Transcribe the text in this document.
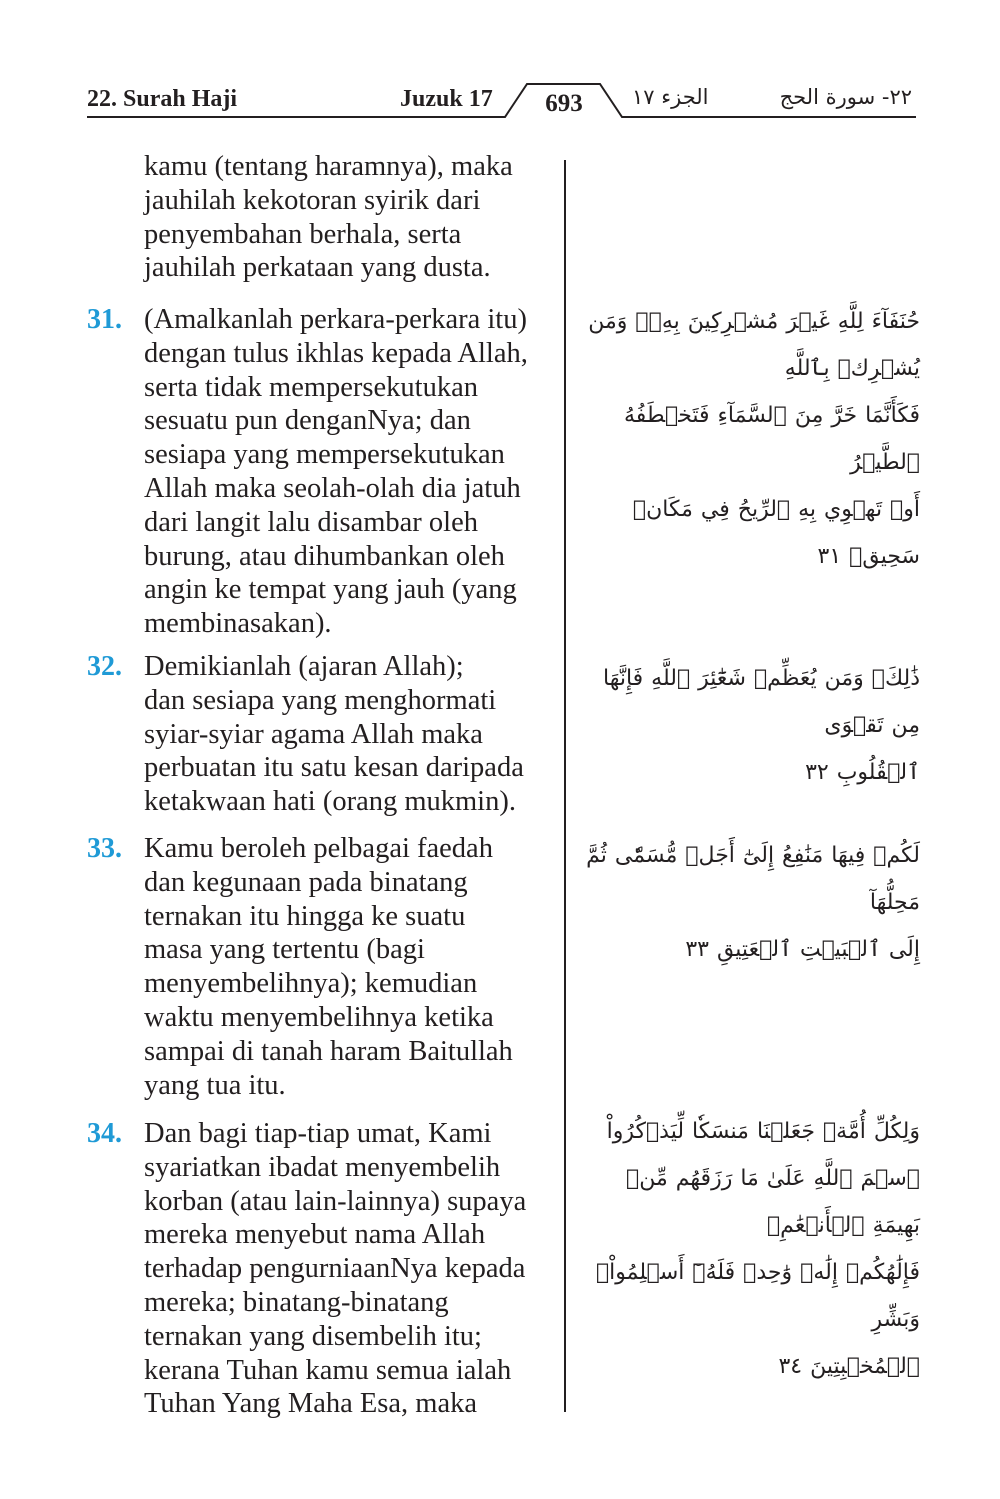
22. Surah Haji	Juzuk 17	693	الجزء ١٧	٢٢- سورة الحج
kamu (tentang haramnya), maka
jauhilah kekotoran syirik dari
penyembahan berhala, serta
jauhilah perkataan yang dusta.
31. (Amalkanlah perkara-perkara itu)
dengan tulus ikhlas kepada Allah,
serta tidak mempersekutukan
sesuatu pun denganNya; dan
sesiapa yang mempersekutukan
Allah maka seolah-olah dia jatuh
dari langit lalu disambar oleh
burung, atau dihumbankan oleh
angin ke tempat yang jauh (yang
membinasakan).
32. Demikianlah (ajaran Allah);
dan sesiapa yang menghormati
syiar-syiar agama Allah maka
perbuatan itu satu kesan daripada
ketakwaan hati (orang mukmin).
33. Kamu beroleh pelbagai faedah
dan kegunaan pada binatang
ternakan itu hingga ke suatu
masa yang tertentu (bagi
menyembelihnya); kemudian
waktu menyembelihnya ketika
sampai di tanah haram Baitullah
yang tua itu.
34. Dan bagi tiap-tiap umat, Kami
syariatkan ibadat menyembelih
korban (atau lain-lainnya) supaya
mereka menyebut nama Allah
terhadap pengurniaanNya kepada
mereka; binatang-binatang
ternakan yang disembelih itu;
kerana Tuhan kamu semua ialah
Tuhan Yang Maha Esa, maka
حُنَفَآءَ لِلَّهِ غَيۡرَ مُشۡرِكِينَ بِهِۦۚ وَمَن يُشۡرِكۡ بِٱللَّهِ
فَكَأَنَّمَا خَرَّ مِنَ ٱلسَّمَآءِ فَتَخۡطَفُهُ ٱلطَّيۡرُ
أَوۡ تَهۡوِي بِهِ ٱلرِّيحُ فِي مَكَانٖ سَحِيقٖ ٣١
ذَٰلِكَۖ وَمَن يُعَظِّمۡ شَعَٰٓئِرَ ٱللَّهِ فَإِنَّهَا مِن تَقۡوَى
ٱلۡقُلُوبِ ٣٢
لَكُمۡ فِيهَا مَنَٰفِعُ إِلَىٰٓ أَجَلٖ مُّسَمّٗى ثُمَّ مَحِلُّهَآ
إِلَى ٱلۡبَيۡتِ ٱلۡعَتِيقِ ٣٣
وَلِكُلِّ أُمَّةٖ جَعَلۡنَا مَنسَكٗا لِّيَذۡكُرُواْ
ٱسۡمَ ٱللَّهِ عَلَىٰ مَا رَزَقَهُم مِّنۢ بَهِيمَةِ ٱلۡأَنۡعَٰمِۗ
فَإِلَٰهُكُمۡ إِلَٰهٞ وَٰحِدٞ فَلَهُۥٓ أَسۡلِمُواْۗ وَبَشِّرِ
ٱلۡمُخۡبِتِينَ ٣٤
